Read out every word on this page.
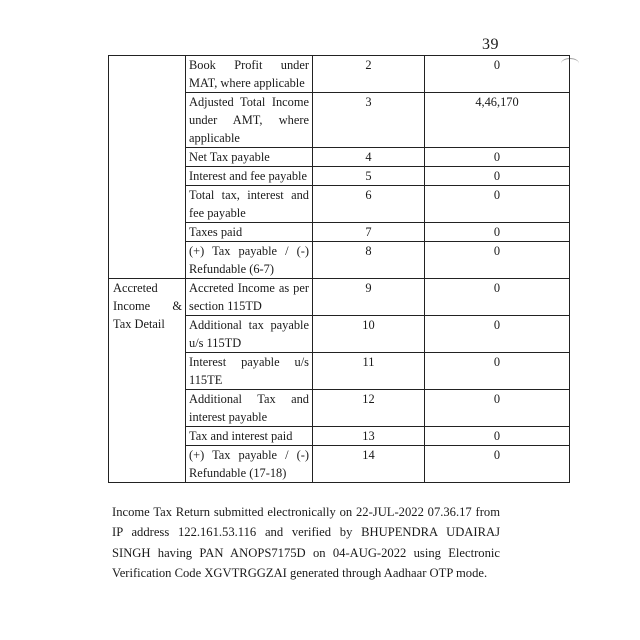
39
	Book Profit under MAT, where applicable	2	0
	Adjusted Total Income under AMT, where applicable	3	4,46,170
	Net Tax payable	4	0
	Interest and fee payable	5	0
	Total tax, interest and fee payable	6	0
	Taxes paid	7	0
	(+) Tax payable / (-) Refundable (6-7)	8	0
Accreted Income & Tax Detail	Accreted Income as per section 115TD	9	0
	Additional tax payable u/s 115TD	10	0
	Interest payable u/s 115TE	11	0
	Additional Tax and interest payable	12	0
	Tax and interest paid	13	0
	(+) Tax payable / (-) Refundable (17-18)	14	0
Income Tax Return submitted electronically on 22-JUL-2022 07.36.17 from IP address 122.161.53.116 and verified by BHUPENDRA UDAIRAJ SINGH having PAN ANOPS7175D on 04-AUG-2022 using Electronic Verification Code XGVTRGGZAI generated through Aadhaar OTP mode.
